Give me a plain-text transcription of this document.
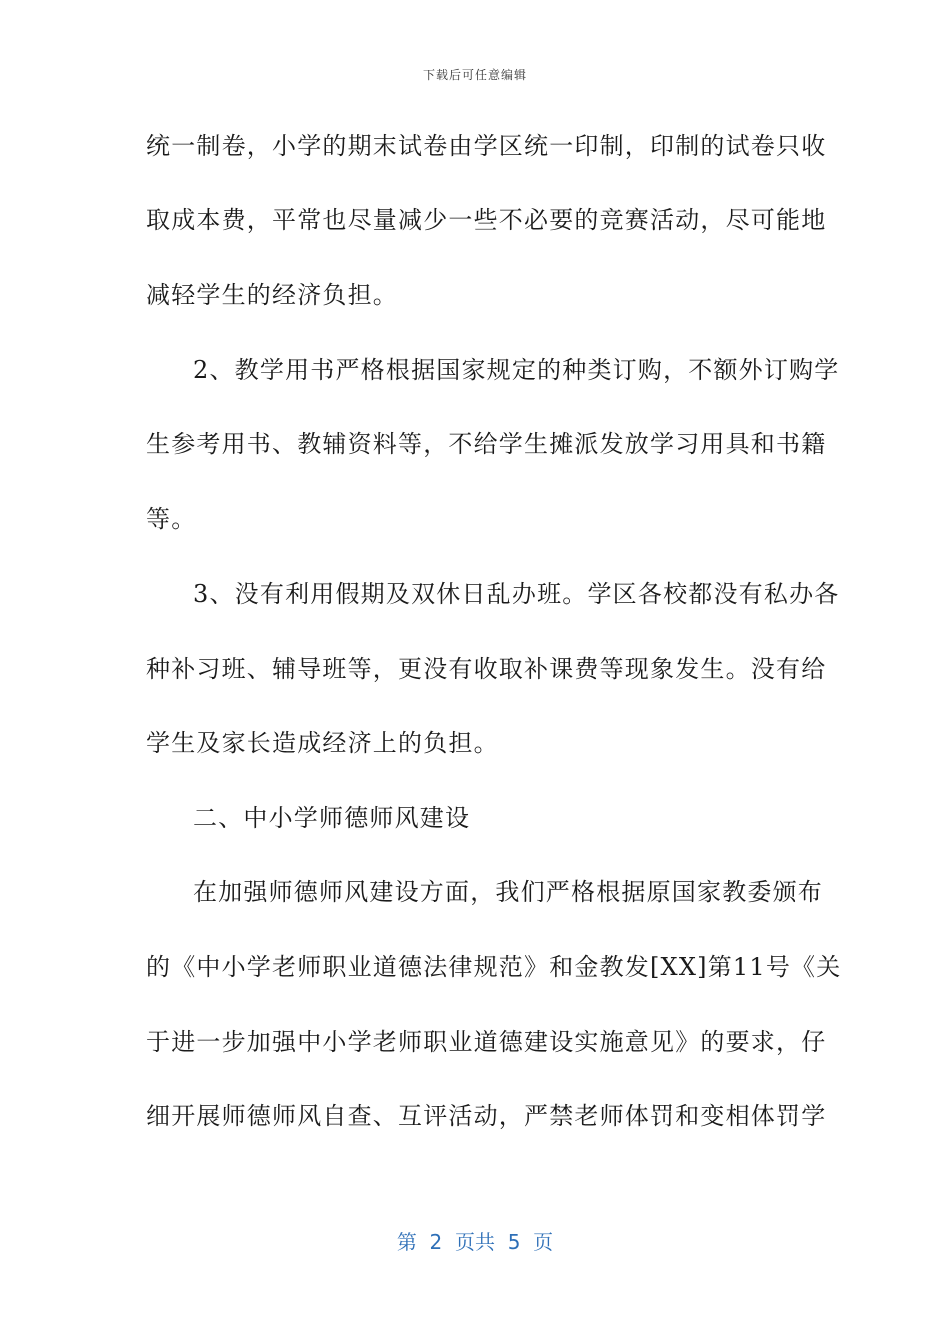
下载后可任意编辑
统一制卷，小学的期末试卷由学区统一印制，印制的试卷只收
取成本费，平常也尽量减少一些不必要的竞赛活动，尽可能地
减轻学生的经济负担。
2、教学用书严格根据国家规定的种类订购，不额外订购学
生参考用书、教辅资料等，不给学生摊派发放学习用具和书籍
等。
3、没有利用假期及双休日乱办班。学区各校都没有私办各
种补习班、辅导班等，更没有收取补课费等现象发生。没有给
学生及家长造成经济上的负担。
二、中小学师德师风建设
在加强师德师风建设方面，我们严格根据原国家教委颁布
的《中小学老师职业道德法律规范》和金教发[XX]第11号《关
于进一步加强中小学老师职业道德建设实施意见》的要求，仔
细开展师德师风自查、互评活动，严禁老师体罚和变相体罚学
第  2  页共  5  页
